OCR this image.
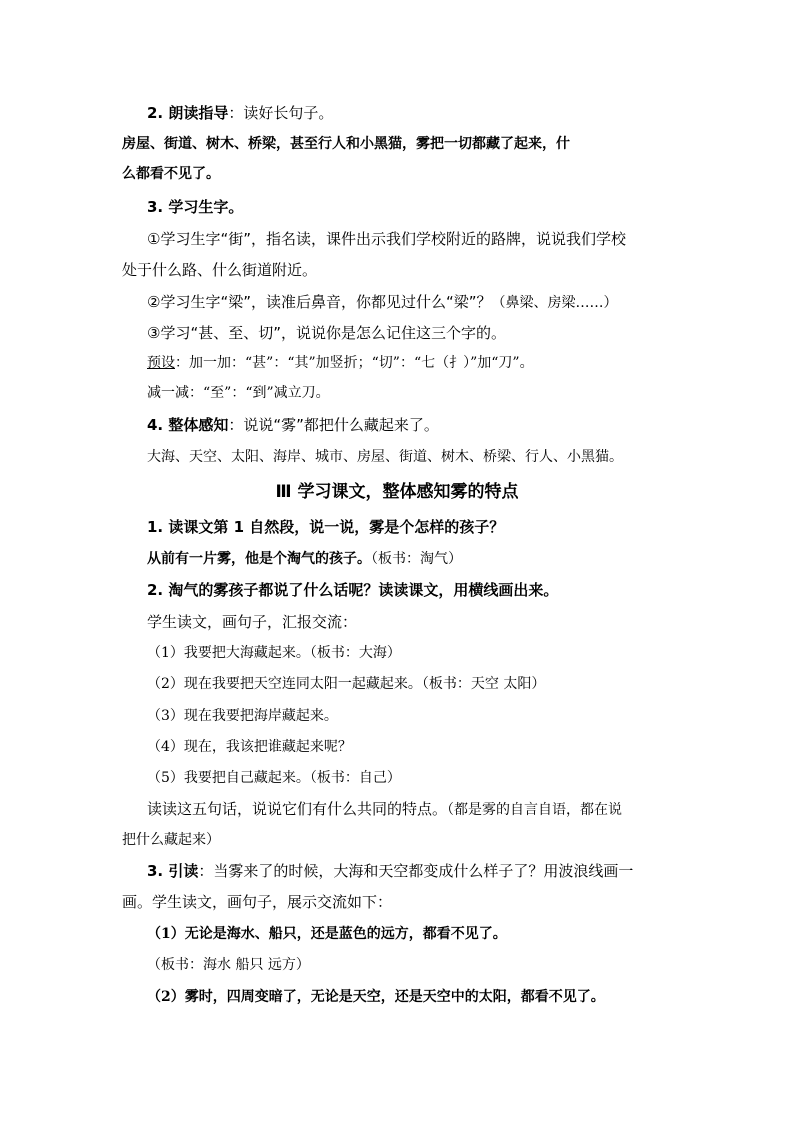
2. 朗读指导：读好长句子。
房屋、街道、树木、桥梁，甚至行人和小黑猫，雾把一切都藏了起来，什
么都看不见了。
3. 学习生字。
①学习生字“街”，指名读，课件出示我们学校附近的路牌，说说我们学校
处于什么路、什么街道附近。
②学习生字“梁”，读准后鼻音，你都见过什么“梁”？（鼻梁、房梁……）
③学习“甚、至、切”，说说你是怎么记住这三个字的。
预设：加一加：“甚”：“其”加竖折；“切”：“七（扌）”加“刀”。
减一减：“至”：“到”减立刀。
4. 整体感知：说说“雾”都把什么藏起来了。
大海、天空、太阳、海岸、城市、房屋、街道、树木、桥梁、行人、小黑猫。
Ⅲ 学习课文，整体感知雾的特点
1. 读课文第 1 自然段，说一说，雾是个怎样的孩子？
从前有一片雾，他是个淘气的孩子。（板书：淘气）
2. 淘气的雾孩子都说了什么话呢？读读课文，用横线画出来。
学生读文，画句子，汇报交流：
（1）我要把大海藏起来。（板书：大海）
（2）现在我要把天空连同太阳一起藏起来。（板书：天空 太阳）
（3）现在我要把海岸藏起来。
（4）现在，我该把谁藏起来呢？
（5）我要把自己藏起来。（板书：自己）
读读这五句话，说说它们有什么共同的特点。（都是雾的自言自语，都在说
把什么藏起来）
3. 引读：当雾来了的时候，大海和天空都变成什么样子了？用波浪线画一
画。学生读文，画句子，展示交流如下：
（1）无论是海水、船只，还是蓝色的远方，都看不见了。
（板书：海水 船只 远方）
（2）雾时，四周变暗了，无论是天空，还是天空中的太阳，都看不见了。
